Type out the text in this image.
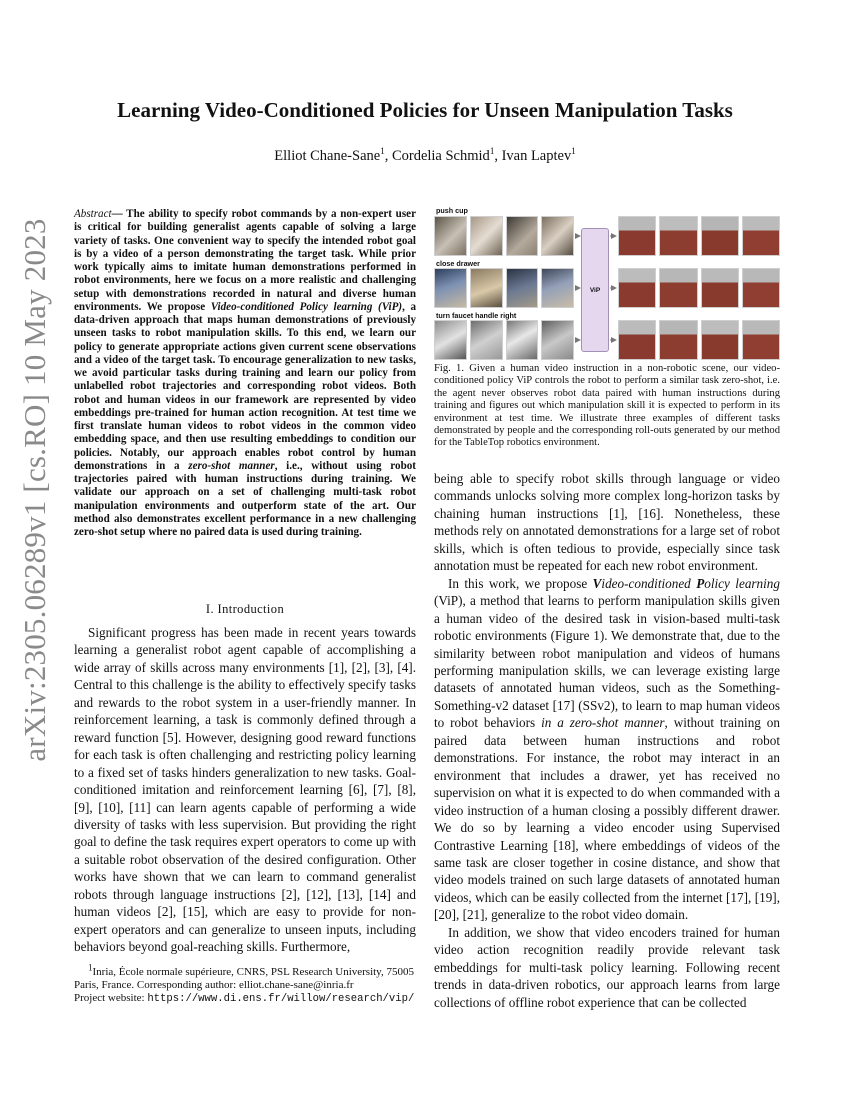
arXiv:2305.06289v1 [cs.RO] 10 May 2023
Learning Video-Conditioned Policies for Unseen Manipulation Tasks
Elliot Chane-Sane$^1$, Cordelia Schmid$^1$, Ivan Laptev$^1$
Abstract— The ability to specify robot commands by a non-expert user is critical for building generalist agents capable of solving a large variety of tasks. One convenient way to specify the intended robot goal is by a video of a person demonstrating the target task. While prior work typically aims to imitate human demonstrations performed in robot environments, here we focus on a more realistic and challenging setup with demonstrations recorded in natural and diverse human environments. We propose Video-conditioned Policy learning (ViP), a data-driven approach that maps human demonstrations of previously unseen tasks to robot manipulation skills. To this end, we learn our policy to generate appropriate actions given current scene observations and a video of the target task. To encourage generalization to new tasks, we avoid particular tasks during training and learn our policy from unlabelled robot trajectories and corresponding robot videos. Both robot and human videos in our framework are represented by video embeddings pre-trained for human action recognition. At test time we first translate human videos to robot videos in the common video embedding space, and then use resulting embeddings to condition our policies. Notably, our approach enables robot control by human demonstrations in a zero-shot manner, i.e., without using robot trajectories paired with human instructions during training. We validate our approach on a set of challenging multi-task robot manipulation environments and outperform state of the art. Our method also demonstrates excellent performance in a new challenging zero-shot setup where no paired data is used during training.
I. Introduction

Significant progress has been made in recent years towards learning a generalist robot agent capable of accomplishing a wide array of skills across many environments [1], [2], [3], [4]. Central to this challenge is the ability to effectively specify tasks and rewards to the robot system in a user-friendly manner. In reinforcement learning, a task is commonly defined through a reward function [5]. However, designing good reward functions for each task is often challenging and restricting policy learning to a fixed set of tasks hinders generalization to new tasks. Goal-conditioned imitation and reinforcement learning [6], [7], [8], [9], [10], [11] can learn agents capable of performing a wide diversity of tasks with less supervision. But providing the right goal to define the task requires expert operators to come up with a suitable robot observation of the desired configuration. Other works have shown that we can learn to command generalist robots through language instructions [2], [12], [13], [14] and human videos [2], [15], which are easy to provide for non-expert operators and can generalize to unseen inputs, including behaviors beyond goal-reaching skills. Furthermore,

$^1$Inria, École normale supérieure, CNRS, PSL Research University, 75005 Paris, France. Corresponding author: elliot.chane-sane@inria.fr

Project website: https://www.di.ens.fr/willow/research/vip/

push cup
close drawer
turn faucet handle right
ViP
Fig. 1. Given a human video instruction in a non-robotic scene, our video-conditioned policy ViP controls the robot to perform a similar task zero-shot, i.e. the agent never observes robot data paired with human instructions during training and figures out which manipulation skill it is expected to perform in its environment at test time. We illustrate three examples of different tasks demonstrated by people and the corresponding roll-outs generated by our method for the TableTop robotics environment.

being able to specify robot skills through language or video commands unlocks solving more complex long-horizon tasks by chaining human instructions [1], [16]. Nonetheless, these methods rely on annotated demonstrations for a large set of robot skills, which is often tedious to provide, especially since task annotation must be repeated for each new robot environment.

In this work, we propose Video-conditioned Policy learning (ViP), a method that learns to perform manipulation skills given a human video of the desired task in vision-based multi-task robotic environments (Figure 1). We demonstrate that, due to the similarity between robot manipulation and videos of humans performing manipulation skills, we can leverage existing large datasets of annotated human videos, such as the Something-Something-v2 dataset [17] (SSv2), to learn to map human videos to robot behaviors in a zero-shot manner, without training on paired data between human instructions and robot demonstrations. For instance, the robot may interact in an environment that includes a drawer, yet has received no supervision on what it is expected to do when commanded with a video instruction of a human closing a possibly different drawer. We do so by learning a video encoder using Supervised Contrastive Learning [18], where embeddings of videos of the same task are closer together in cosine distance, and show that video models trained on such large datasets of annotated human videos, which can be easily collected from the internet [17], [19], [20], [21], generalize to the robot video domain.

In addition, we show that video encoders trained for human video action recognition readily provide relevant task embeddings for multi-task policy learning. Following recent trends in data-driven robotics, our approach learns from large collections of offline robot experience that can be collected
